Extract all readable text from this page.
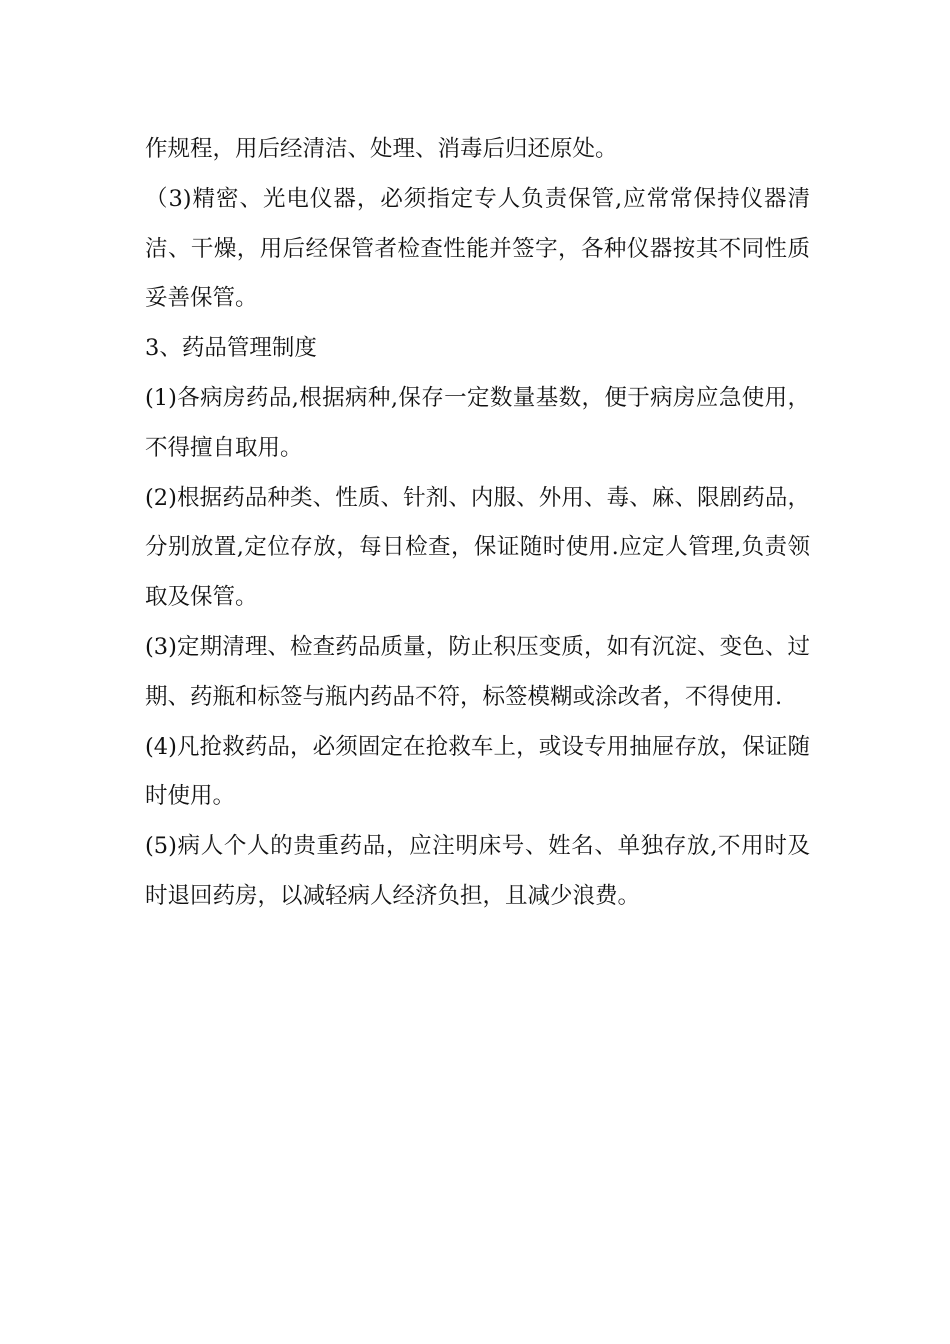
作规程，用后经清洁、处理、消毒后归还原处。

（3)精密、光电仪器，必须指定专人负责保管,应常常保持仪器清洁、干燥，用后经保管者检查性能并签字，各种仪器按其不同性质妥善保管。

3、药品管理制度

(1)各病房药品,根据病种,保存一定数量基数，便于病房应急使用，不得擅自取用。

(2)根据药品种类、性质、针剂、内服、外用、毒、麻、限剧药品，分别放置,定位存放，每日检查，保证随时使用.应定人管理,负责领取及保管。

(3)定期清理、检查药品质量，防止积压变质，如有沉淀、变色、过期、药瓶和标签与瓶内药品不符，标签模糊或涂改者，不得使用.

(4)凡抢救药品，必须固定在抢救车上，或设专用抽屉存放，保证随时使用。

(5)病人个人的贵重药品，应注明床号、姓名、单独存放,不用时及时退回药房，以减轻病人经济负担，且减少浪费。
